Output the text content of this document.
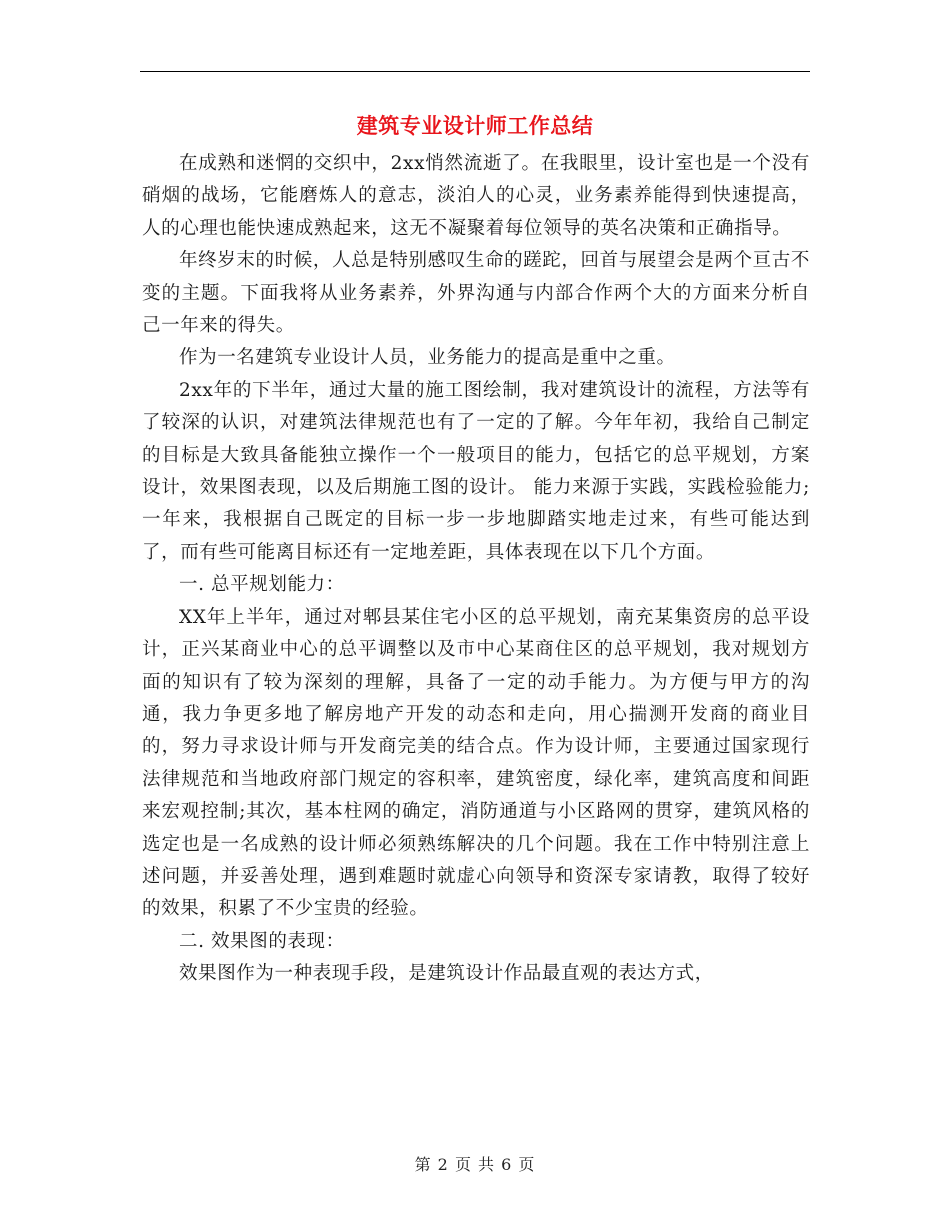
建筑专业设计师工作总结

在成熟和迷惘的交织中，2xx悄然流逝了。在我眼里，设计室也是一个没有硝烟的战场，它能磨炼人的意志，淡泊人的心灵，业务素养能得到快速提高，人的心理也能快速成熟起来，这无不凝聚着每位领导的英名决策和正确指导。

年终岁末的时候，人总是特别感叹生命的蹉跎，回首与展望会是两个亘古不变的主题。下面我将从业务素养，外界沟通与内部合作两个大的方面来分析自己一年来的得失。

作为一名建筑专业设计人员，业务能力的提高是重中之重。

2xx年的下半年，通过大量的施工图绘制，我对建筑设计的流程，方法等有了较深的认识，对建筑法律规范也有了一定的了解。今年年初，我给自己制定的目标是大致具备能独立操作一个一般项目的能力，包括它的总平规划，方案设计，效果图表现，以及后期施工图的设计。 能力来源于实践，实践检验能力;一年来，我根据自己既定的目标一步一步地脚踏实地走过来，有些可能达到了，而有些可能离目标还有一定地差距，具体表现在以下几个方面。

一. 总平规划能力：

XX年上半年，通过对郫县某住宅小区的总平规划，南充某集资房的总平设计，正兴某商业中心的总平调整以及市中心某商住区的总平规划，我对规划方面的知识有了较为深刻的理解，具备了一定的动手能力。为方便与甲方的沟通，我力争更多地了解房地产开发的动态和走向，用心揣测开发商的商业目的，努力寻求设计师与开发商完美的结合点。作为设计师，主要通过国家现行法律规范和当地政府部门规定的容积率，建筑密度，绿化率，建筑高度和间距来宏观控制;其次，基本柱网的确定，消防通道与小区路网的贯穿，建筑风格的选定也是一名成熟的设计师必须熟练解决的几个问题。我在工作中特别注意上述问题，并妥善处理，遇到难题时就虚心向领导和资深专家请教，取得了较好的效果，积累了不少宝贵的经验。

二. 效果图的表现：

效果图作为一种表现手段，是建筑设计作品最直观的表达方式，

第 2 页 共 6 页
